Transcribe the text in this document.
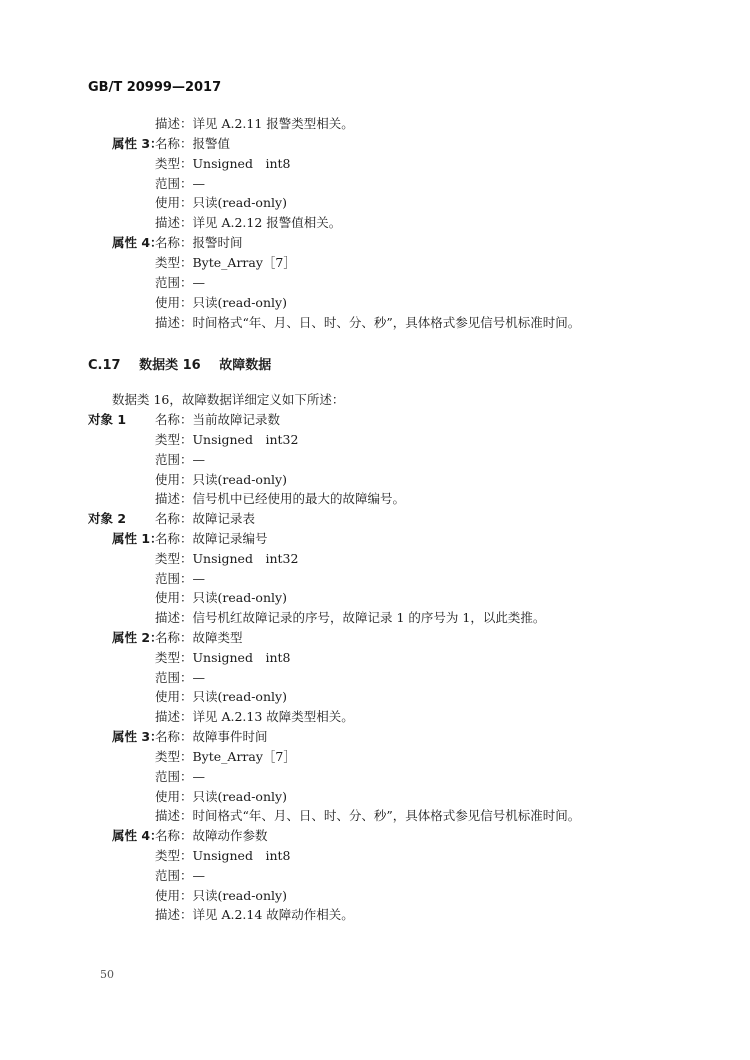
GB/T 20999—2017
描述：详见 A.2.11 报警类型相关。
属性 3：
名称：报警值
类型：Unsigned　int8
范围：—
使用：只读(read-only)
描述：详见 A.2.12 报警值相关。
属性 4：
名称：报警时间
类型：Byte_Array［7］
范围：—
使用：只读(read-only)
描述：时间格式“年、月、日、时、分、秒”，具体格式参见信号机标准时间。
C.17 数据类 16 故障数据
数据类 16，故障数据详细定义如下所述：
对象 1 名称：当前故障记录数
类型：Unsigned　int32
范围：—
使用：只读(read-only)
描述：信号机中已经使用的最大的故障编号。
对象 2 名称：故障记录表
属性 1：
名称：故障记录编号
类型：Unsigned　int32
范围：—
使用：只读(read-only)
描述：信号机红故障记录的序号，故障记录 1 的序号为 1，以此类推。
属性 2：
名称：故障类型
类型：Unsigned　int8
范围：—
使用：只读(read-only)
描述：详见 A.2.13 故障类型相关。
属性 3：
名称：故障事件时间
类型：Byte_Array［7］
范围：—
使用：只读(read-only)
描述：时间格式“年、月、日、时、分、秒”，具体格式参见信号机标准时间。
属性 4：
名称：故障动作参数
类型：Unsigned　int8
范围：—
使用：只读(read-only)
描述：详见 A.2.14 故障动作相关。
50
